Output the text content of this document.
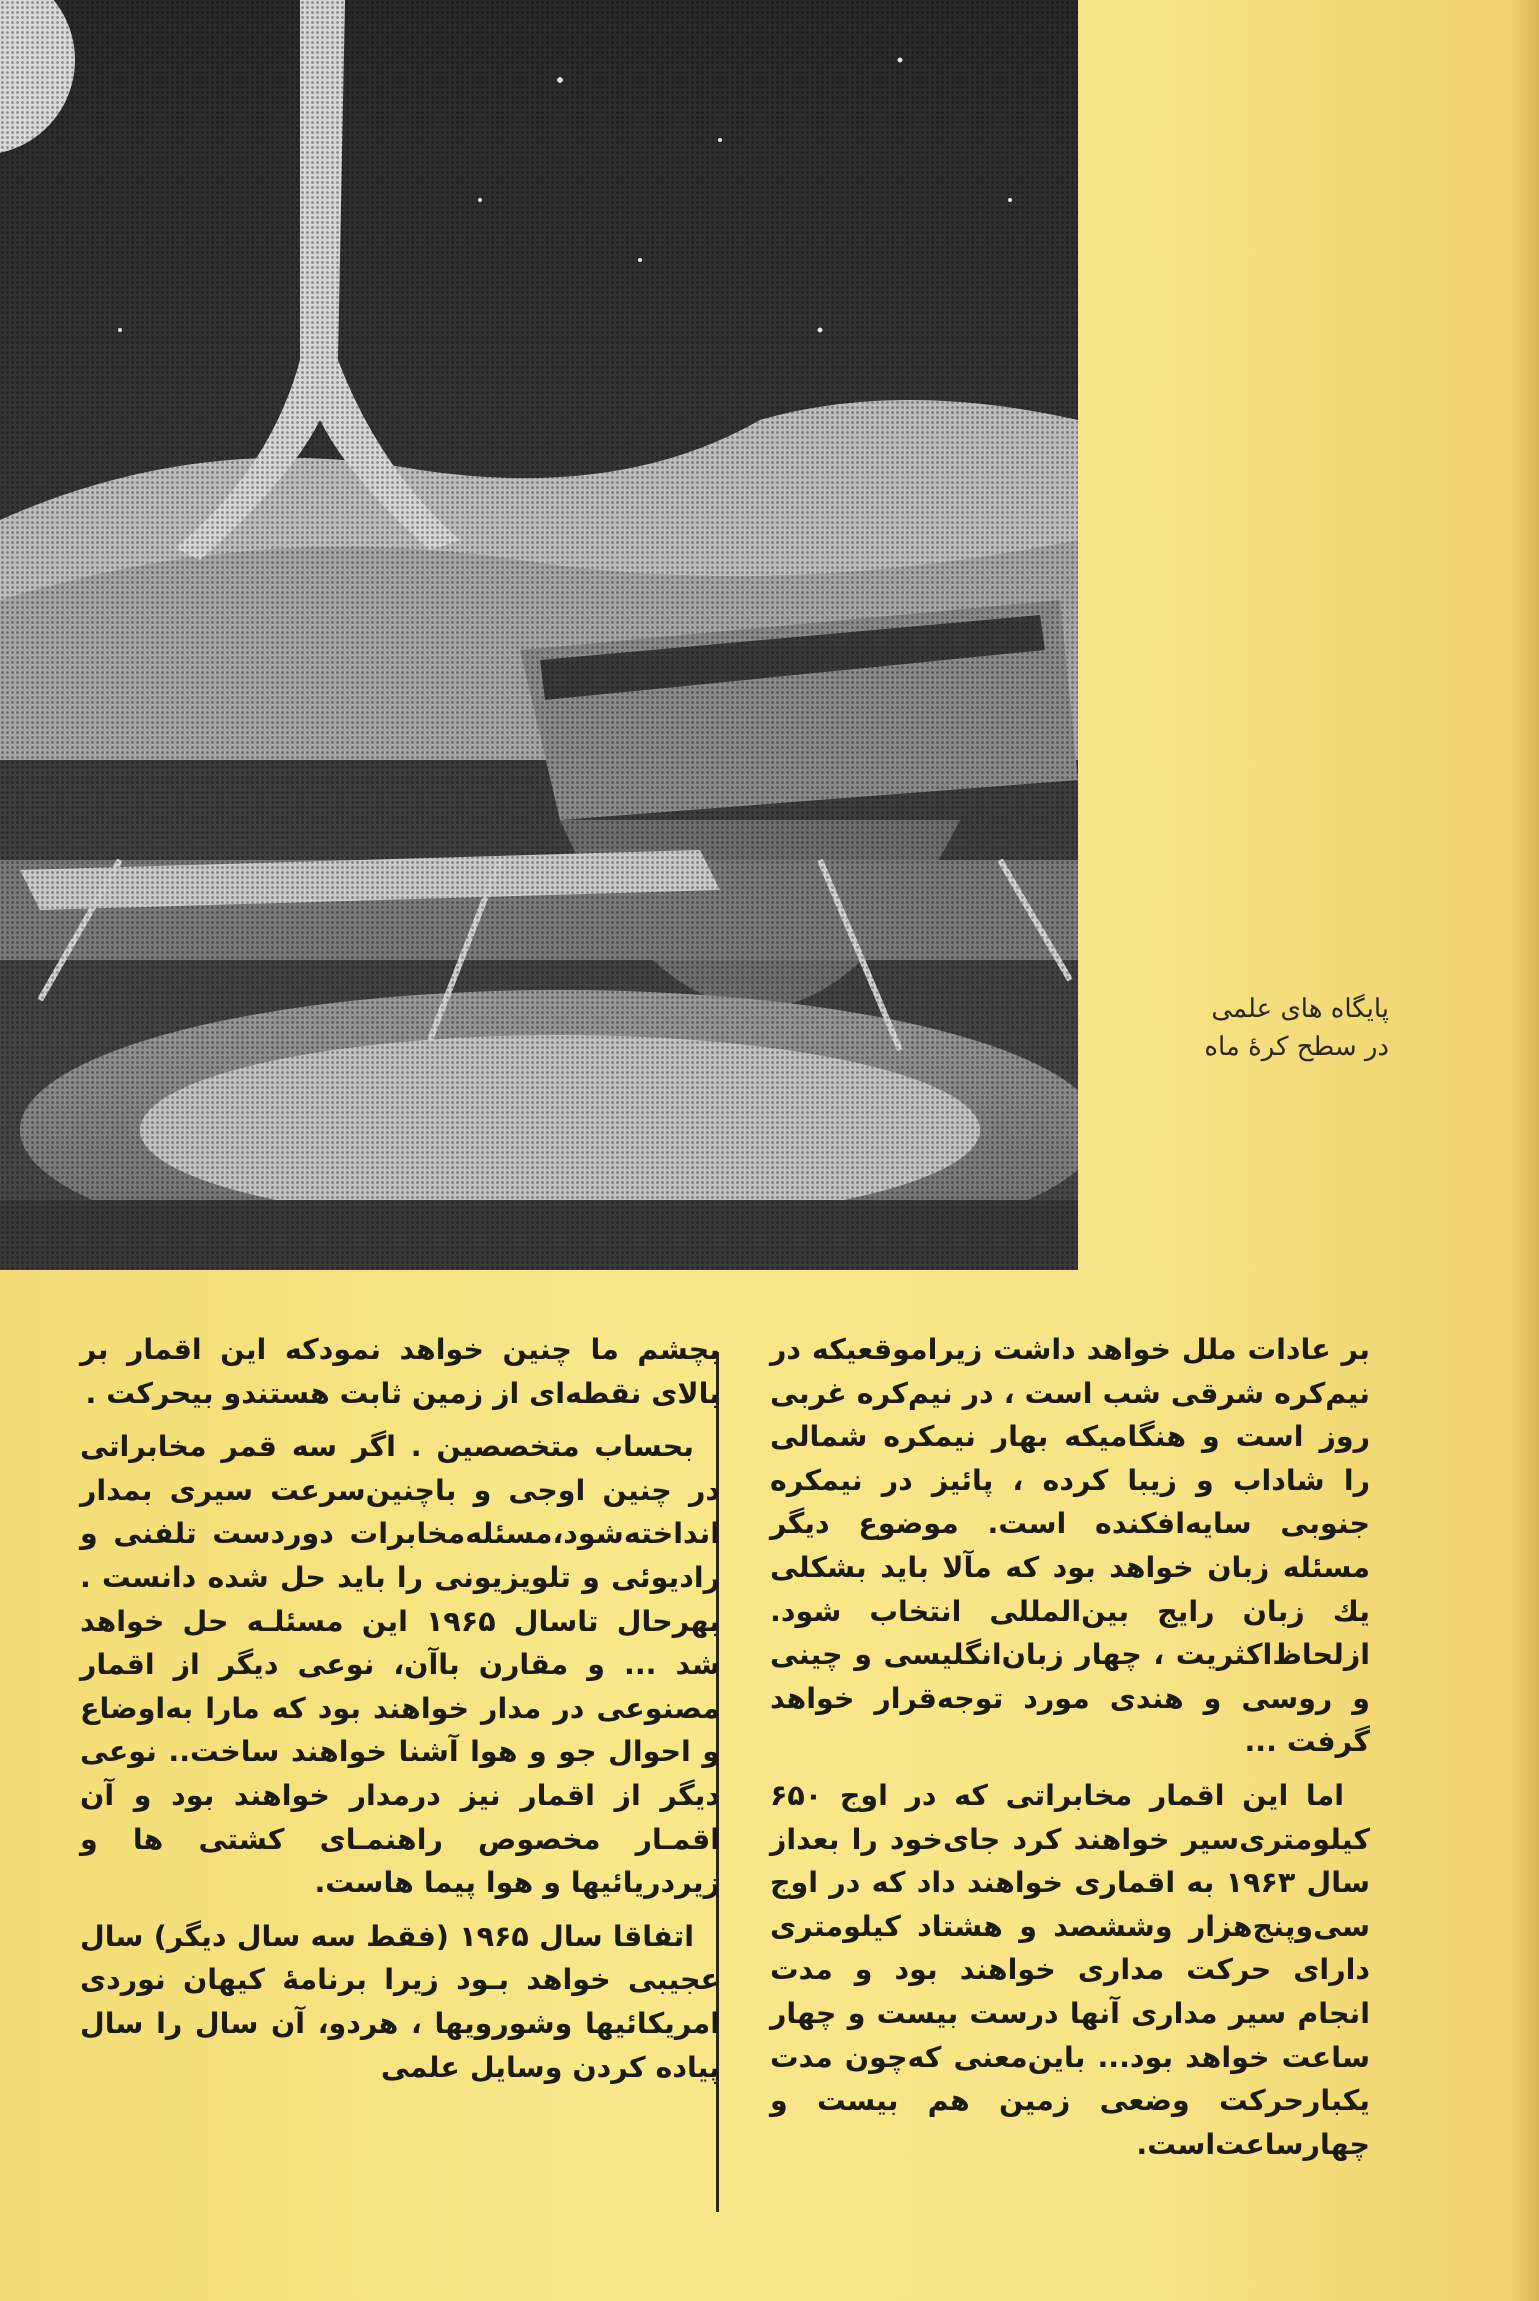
پایگاه های علمی
در سطح کرهٔ ماه

بر عادات ملل خواهد داشت زیراموقعیکه در نیم‌کره شرقی شب است ، در نیم‌کره غربی روز است و هنگامیکه بهار نیمکره شمالی را شاداب و زیبا کرده ، پائیز در نیمکره جنوبی سایه‌افکنده است. موضوع دیگر مسئله زبان خواهد بود که مآلا باید بشکلی یك زبان رایج بین‌المللی انتخاب شود. ازلحاظ‌اکثریت ، چهار زبان‌انگلیسی و چینی و روسی و هندی مورد توجه‌قرار خواهد گرفت ...

اما این اقمار مخابراتی که در اوج ۶۵۰ کیلومتری‌سیر خواهند کرد جای‌خود را بعداز سال ۱۹۶۳ به اقماری خواهند داد که در اوج سی‌وپنج‌هزار وششصد و هشتاد کیلومتری دارای حرکت مداری خواهند بود و مدت انجام سیر مداری آنها درست بیست و چهار ساعت خواهد بود... باین‌معنی که‌چون مدت یکبارحرکت وضعی زمین هم بیست و چهارساعت‌است.

بچشم ما چنین خواهد نمودکه این اقمار بر بالای نقطه‌ای از زمین ثابت هستندو بیحرکت .

بحساب متخصصین . اگر سه قمر مخابراتی در چنین اوجی و باچنین‌سرعت سیری بمدار انداخته‌شود،مسئله‌مخابرات دوردست تلفنی و رادیوئی و تلویزیونی را باید حل شده دانست . بهرحال تاسال ۱۹۶۵ این مسئلـه حل خواهد شد ... و مقارن باآن، نوعی دیگر از اقمار مصنوعی در مدار خواهند بود که مارا به‌اوضاع و احوال جو و هوا آشنا خواهند ساخت.. نوعی دیگر از اقمار نیز درمدار خواهند بود و آن اقمـار مخصوص راهنمـای کشتی ها و زیردریائیها و هوا پیما هاست.

اتفاقا سال ۱۹۶۵ (فقط سه سال دیگر) سال عجیبی خواهد بـود زیرا برنامهٔ کیهان نوردی امریکائیها وشورویها ، هردو، آن سال را سال پیاده کردن وسایل علمی
